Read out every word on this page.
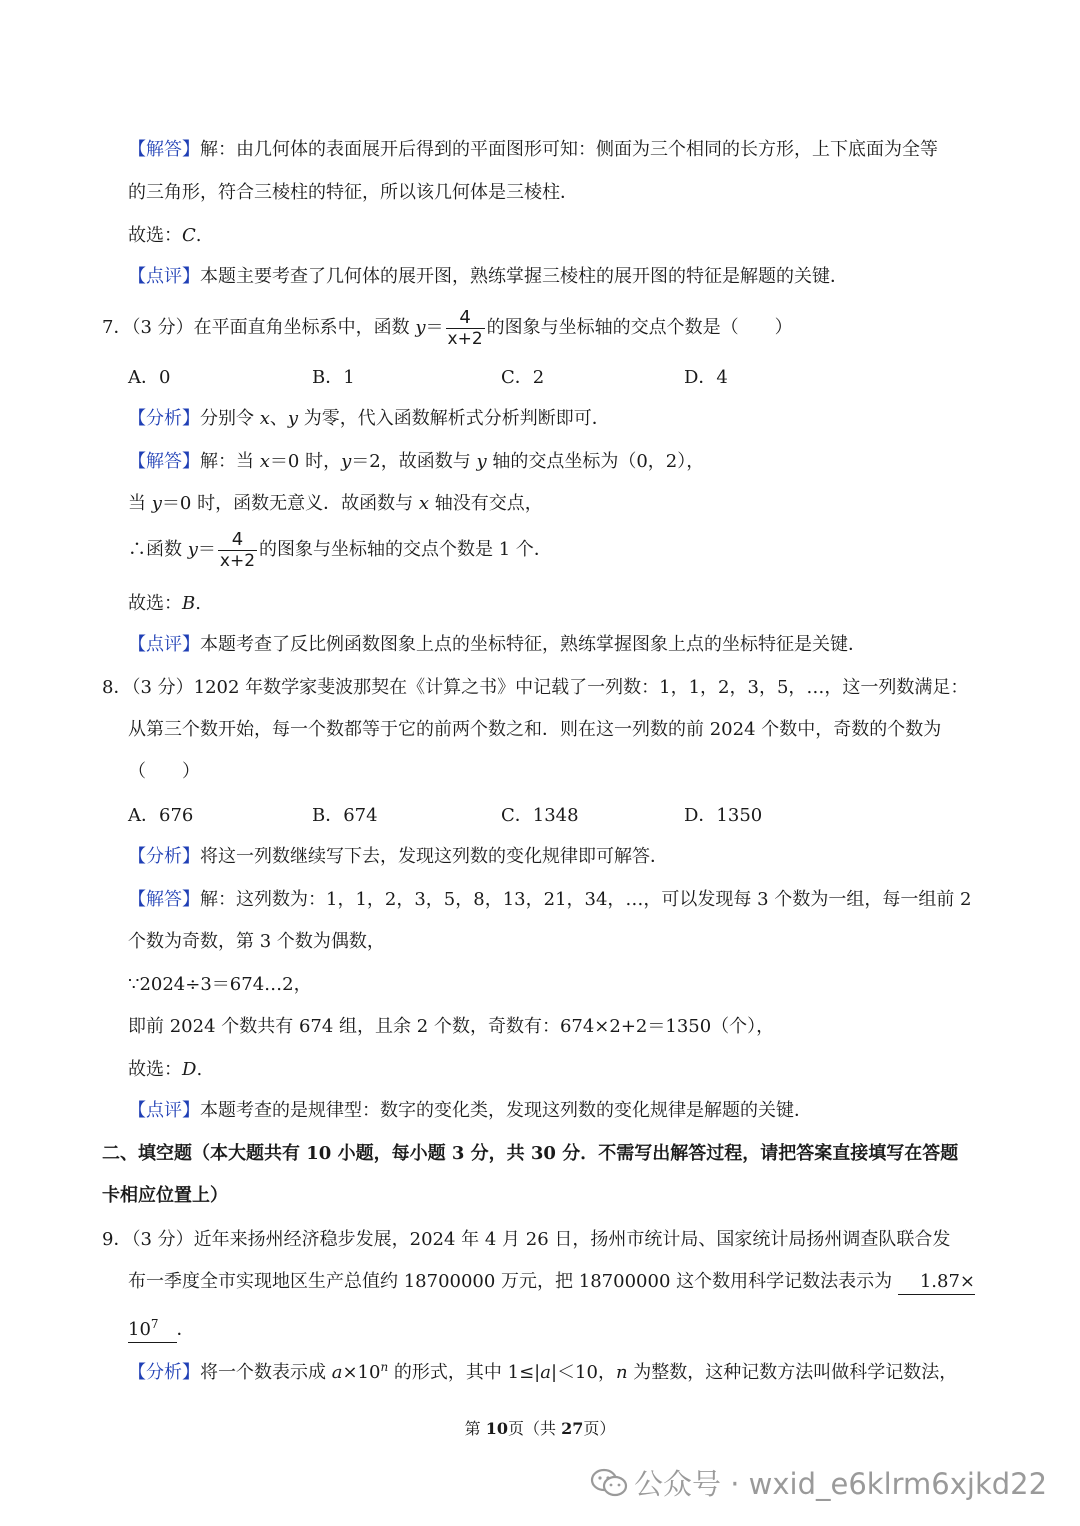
【解答】解：由几何体的表面展开后得到的平面图形可知：侧面为三个相同的长方形，上下底面为全等
的三角形，符合三棱柱的特征，所以该几何体是三棱柱．
故选：C.
【点评】本题主要考查了几何体的展开图，熟练掌握三棱柱的展开图的特征是解题的关键．
7．（3 分）在平面直角坐标系中，函数 $y= \frac{4}{x+2}$ 的图象与坐标轴的交点个数是（　　）
A．0	B．1	C．2	D．4
【分析】分别令 x、y 为零，代入函数解析式分析判断即可．
【解答】解：当 x＝0 时，y＝2，故函数与 y 轴的交点坐标为（0，2），
当 y＝0 时，函数无意义．故函数与 x 轴没有交点，
∴函数 $y= \frac{4}{x+2}$ 的图象与坐标轴的交点个数是 1 个．
故选：B.
【点评】本题考查了反比例函数图象上点的坐标特征，熟练掌握图象上点的坐标特征是关键．
8．（3 分）1202 年数学家斐波那契在《计算之书》中记载了一列数：1，1，2，3，5，…，这一列数满足：
从第三个数开始，每一个数都等于它的前两个数之和．则在这一列数的前 2024 个数中，奇数的个数为
（　　）
A．676	B．674	C．1348	D．1350
【分析】将这一列数继续写下去，发现这列数的变化规律即可解答．
【解答】解：这列数为：1，1，2，3，5，8，13，21，34，…，可以发现每 3 个数为一组，每一组前 2
个数为奇数，第 3 个数为偶数，
∵2024÷3＝674…2，
即前 2024 个数共有 674 组，且余 2 个数，奇数有：674×2+2＝1350（个），
故选：D.
【点评】本题考查的是规律型：数字的变化类，发现这列数的变化规律是解题的关键．
二、填空题（本大题共有 10 小题，每小题 3 分，共 30 分．不需写出解答过程，请把答案直接填写在答题
卡相应位置上）
9．（3 分）近年来扬州经济稳步发展，2024 年 4 月 26 日，扬州市统计局、国家统计局扬州调查队联合发
布一季度全市实现地区生产总值约 18700000 万元，把 18700000 这个数用科学记数法表示为 1.87×
$10^7$ ．
【分析】将一个数表示成 $a\times 10^n$ 的形式，其中 1≤|a|＜10，n 为整数，这种记数方法叫做科学记数法，
第 10页（共 27页）
公众号 · wxid_e6klrm6xjkd22
